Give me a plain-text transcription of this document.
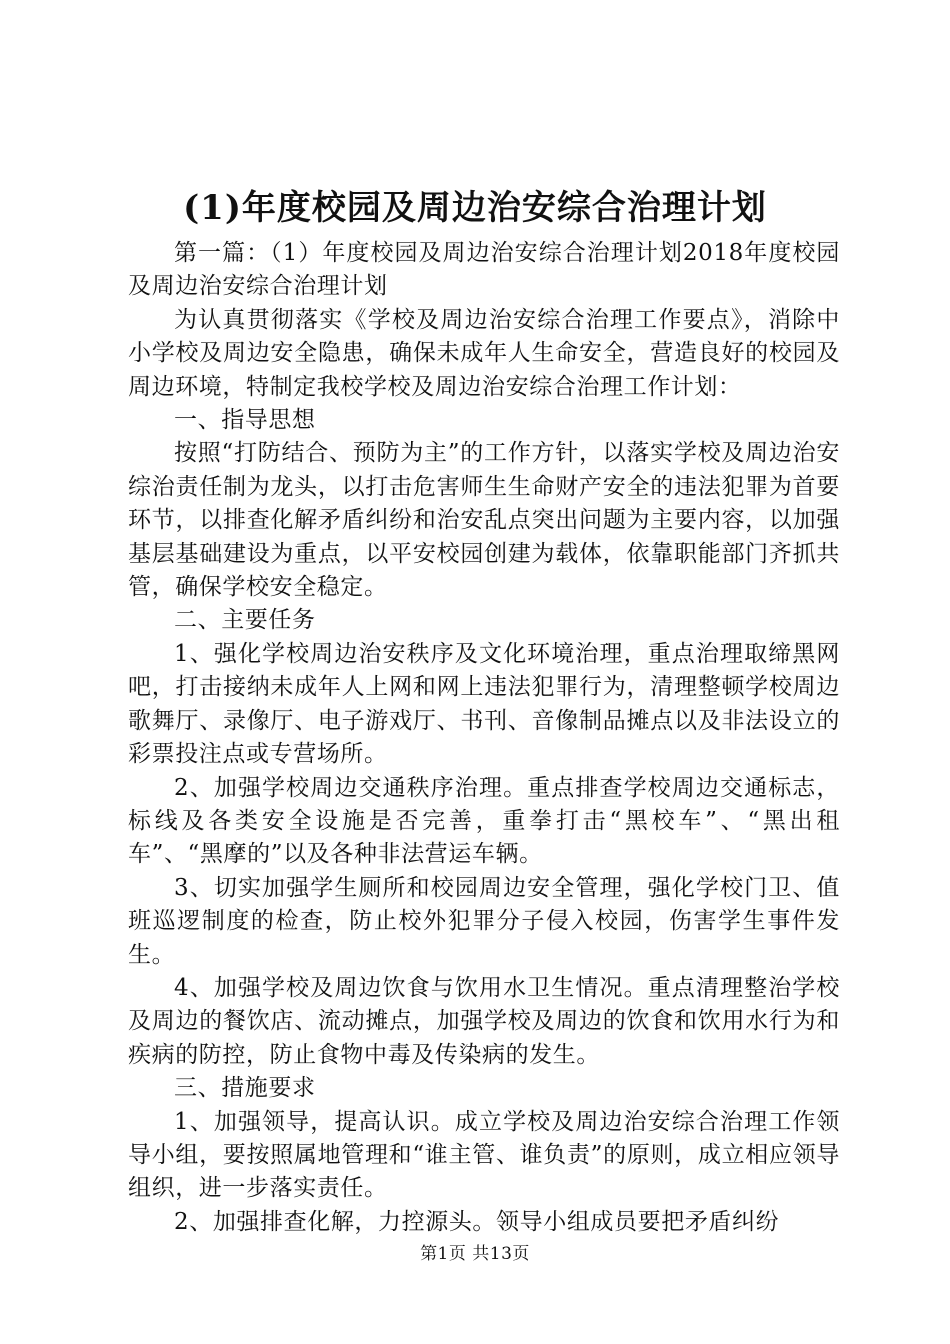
(1)年度校园及周边治安综合治理计划

第一篇：（1）年度校园及周边治安综合治理计划2018年度校园及周边治安综合治理计划

为认真贯彻落实《学校及周边治安综合治理工作要点》，消除中小学校及周边安全隐患，确保未成年人生命安全，营造良好的校园及周边环境，特制定我校学校及周边治安综合治理工作计划：

一、指导思想

按照“打防结合、预防为主”的工作方针，以落实学校及周边治安综治责任制为龙头，以打击危害师生生命财产安全的违法犯罪为首要环节，以排查化解矛盾纠纷和治安乱点突出问题为主要内容，以加强基层基础建设为重点，以平安校园创建为载体，依靠职能部门齐抓共管，确保学校安全稳定。

二、主要任务

1、强化学校周边治安秩序及文化环境治理，重点治理取缔黑网吧，打击接纳未成年人上网和网上违法犯罪行为，清理整顿学校周边歌舞厅、录像厅、电子游戏厅、书刊、音像制品摊点以及非法设立的彩票投注点或专营场所。

2、加强学校周边交通秩序治理。重点排查学校周边交通标志，标线及各类安全设施是否完善，重拳打击“黑校车”、“黑出租车”、“黑摩的”以及各种非法营运车辆。

3、切实加强学生厕所和校园周边安全管理，强化学校门卫、值班巡逻制度的检查，防止校外犯罪分子侵入校园，伤害学生事件发生。

4、加强学校及周边饮食与饮用水卫生情况。重点清理整治学校及周边的餐饮店、流动摊点，加强学校及周边的饮食和饮用水行为和疾病的防控，防止食物中毒及传染病的发生。

三、措施要求

1、加强领导，提高认识。成立学校及周边治安综合治理工作领导小组，要按照属地管理和“谁主管、谁负责”的原则，成立相应领导组织，进一步落实责任。

2、加强排查化解，力控源头。领导小组成员要把矛盾纠纷

第1页 共13页
